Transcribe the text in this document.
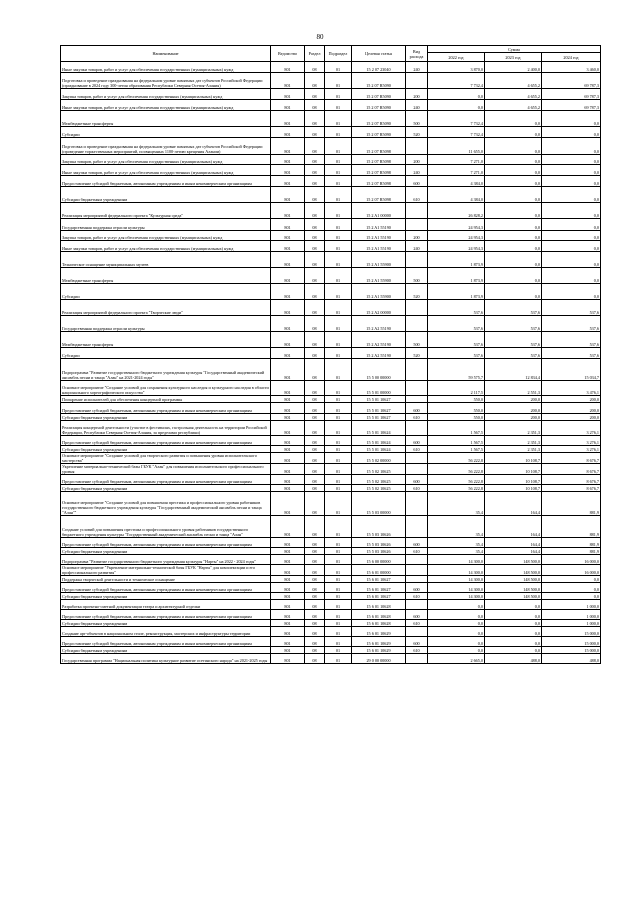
80
Наименование	Ведомство	Раздел	Подраздел	Целевая статья	Вид расхода	Сумма		
						2022 год	2023 год	2024 год
Иные закупки товаров, работ и услуг для обеспечения государственных (муниципальных) нужд	801	08	01	15 2 07 23040	240	3 870,0	2 400,0	3 460,0
Подготовка и проведение празднования на федеральном уровне памятных дат субъектов Российской Федерации (празднование в 2024 году 300-летия образования Республики Северная Осетия-Алания)	801	08	01	15 2 07 R5090		7 732,4	4 655,2	69 787,3
Закупка товаров, работ и услуг для обеспечения государственных (муниципальных) нужд	801	08	01	15 2 07 R5090	200	0,0	4 655,2	69 787,3
Иные закупки товаров, работ и услуг для обеспечения государственных (муниципальных) нужд	801	08	01	15 2 07 R5090	240	0,0	4 655,2	69 787,3
Межбюджетные трансферты	801	08	01	15 2 07 R5090	500	7 732,4	0,0	0,0
Субсидии	801	08	01	15 2 07 R5090	520	7 732,4	0,0	0,0
Подготовка и проведение празднования на федеральном уровне памятных дат субъектов Российской Федерации (проведение торжественных мероприятий, посвященных 1100-летию крещения Алании)	801	08	01	15 2 07 R5098		11 655,0	0,0	0,0
Закупка товаров, работ и услуг для обеспечения государственных (муниципальных) нужд	801	08	01	15 2 07 R5098	200	7 271,0	0,0	0,0
Иные закупки товаров, работ и услуг для обеспечения государственных (муниципальных) нужд	801	08	01	15 2 07 R5098	240	7 271,0	0,0	0,0
Предоставление субсидий бюджетным, автономным учреждениям и иным некоммерческим организациям	801	08	01	15 2 07 R5098	600	4 384,0	0,0	0,0
Субсидии бюджетным учреждениям	801	08	01	15 2 07 R5098	610	4 384,0	0,0	0,0
Реализация мероприятий федерального проекта "Культурная среда"	801	08	01	15 2 A1 00000		26 828,2	0,0	0,0
Государственная поддержка отрасли культуры	801	08	01	15 2 A1 55190		24 954,3	0,0	0,0
Закупка товаров, работ и услуг для обеспечения государственных (муниципальных) нужд	801	08	01	15 2 A1 55190	200	24 954,3	0,0	0,0
Иные закупки товаров, работ и услуг для обеспечения государственных (муниципальных) нужд	801	08	01	15 2 A1 55190	240	24 954,3	0,0	0,0
Техническое оснащение муниципальных музеев	801	08	01	15 2 A1 55900		1 873,9	0,0	0,0
Межбюджетные трансферты	801	08	01	15 2 A1 55900	500	1 873,9	0,0	0,0
Субсидии	801	08	01	15 2 A1 55900	520	1 873,9	0,0	0,0
Реализация мероприятий федерального проекта "Творческие люди"	801	08	01	15 2 A2 00000		537,6	537,6	537,6
Государственная поддержка отрасли культуры	801	08	01	15 2 A2 55190		537,6	537,6	537,6
Межбюджетные трансферты	801	08	01	15 2 A2 55190	500	537,6	537,6	537,6
Субсидии	801	08	01	15 2 A2 55190	520	537,6	537,6	537,6
Подпрограмма "Развитие государственного бюджетного учреждения культуры "Государственный академический ансамбль песни и танца "Алан" на 2021-2024 годы"	801	08	01	15 5 00 00000		59 575,7	12 834,4	15 034,7
Основное мероприятие "Создание условий для сохранения культурного наследия и культурного наследия в области национального хореографического искусства"	801	08	01	15 5 01 00000		2 117,5	2 551,3	3 476,1
Поощрение исполнителей для обеспечения концертной программы	801	08	01	15 5 01 10627		550,0	200,0	200,0
Предоставление субсидий бюджетным, автономным учреждениям и иным некоммерческим организациям	801	08	01	15 5 01 10627	600	550,0	200,0	200,0
Субсидии бюджетным учреждениям	801	08	01	15 5 01 10627	610	550,0	200,0	200,0
Реализация концертной деятельности (участие в фестивалях, гастрольная деятельность на территории Российской Федерации, Республики Северная Осетия-Алания, за пределами республики)	801	08	01	15 5 01 10624		1 567,5	2 351,3	3 276,1
Предоставление субсидий бюджетным, автономным учреждениям и иным некоммерческим организациям	801	08	01	15 5 01 10624	600	1 567,5	2 351,3	3 276,1
Субсидии бюджетным учреждениям	801	08	01	15 5 01 10624	610	1 567,5	2 351,3	3 276,1
Основное мероприятие "Создание условий для творческого развития и повышения уровня исполнительского мастерства"	801	08	01	15 5 02 00000		56 222,8	10 108,7	8 676,7
Укрепление материально-технической базы ГБУК "Алан" для повышения исполнительского профессионального уровня	801	08	01	15 5 02 10625		56 222,8	10 108,7	8 676,7
Предоставление субсидий бюджетным, автономным учреждениям и иным некоммерческим организациям	801	08	01	15 5 02 10625	600	56 222,8	10 108,7	8 676,7
Субсидии бюджетным учреждениям	801	08	01	15 5 02 10625	610	56 222,8	10 108,7	8 676,7
Основное мероприятие "Создание условий для повышения престижа и профессионального уровня работников государственного бюджетного учреждения культуры "Государственный академический ансамбль песни и танца "Алан""	801	08	01	15 5 03 00000		35,4	164,4	881,9
Создание условий для повышения престижа и профессионального уровня работников государственного бюджетного учреждения культуры "Государственный академический ансамбль песни и танца "Алан"	801	08	01	15 5 03 10626		35,4	164,4	881,9
Предоставление субсидий бюджетным, автономным учреждениям и иным некоммерческим организациям	801	08	01	15 5 03 10626	600	35,4	164,4	881,9
Субсидии бюджетным учреждениям	801	08	01	15 5 03 10626	610	35,4	164,4	881,9
Подпрограмма "Развитие государственного бюджетного учреждения культуры "Нарты" на 2022 - 2024 годы"	801	08	01	15 6 00 00000		14 300,0	148 500,0	16 000,0
Основное мероприятие "Укрепление материально-технической базы ГБУК "Нарты" для комплектации и его профессионального развития"	801	08	01	15 6 01 00000		14 300,0	148 500,0	16 000,0
Поддержка творческой деятельности и техническое оснащение	801	08	01	15 6 01 10627		14 300,0	148 500,0	0,0
Предоставление субсидий бюджетным, автономным учреждениям и иным некоммерческим организациям	801	08	01	15 6 01 10627	600	14 300,0	148 500,0	0,0
Субсидии бюджетным учреждениям	801	08	01	15 6 01 10627	610	14 300,0	148 500,0	0,0
Разработка проектно-сметной документации театра и архитектурной отделки	801	08	01	15 6 01 10628		0,0	0,0	1 000,0
Предоставление субсидий бюджетным, автономным учреждениям и иным некоммерческим организациям	801	08	01	15 6 01 10628	600	0,0	0,0	1 000,0
Субсидии бюджетным учреждениям	801	08	01	15 6 01 10628	610	0,0	0,0	1 000,0
Создание арт-объектов в национальном стиле, реконструкция, мастерских и инфраструктуры территории	801	08	01	15 6 01 10629		0,0	0,0	15 000,0
Предоставление субсидий бюджетным, автономным учреждениям и иным некоммерческим организациям	801	08	01	15 6 01 10629	600	0,0	0,0	15 000,0
Субсидии бюджетным учреждениям	801	08	01	15 6 01 10629	610	0,0	0,0	15 000,0
Государственная программа "Национальная политика культурное развитие осетинского народа" на 2021-2025 годы	801	08	01	29 0 00 00000		2 665,0	488,0	488,0
